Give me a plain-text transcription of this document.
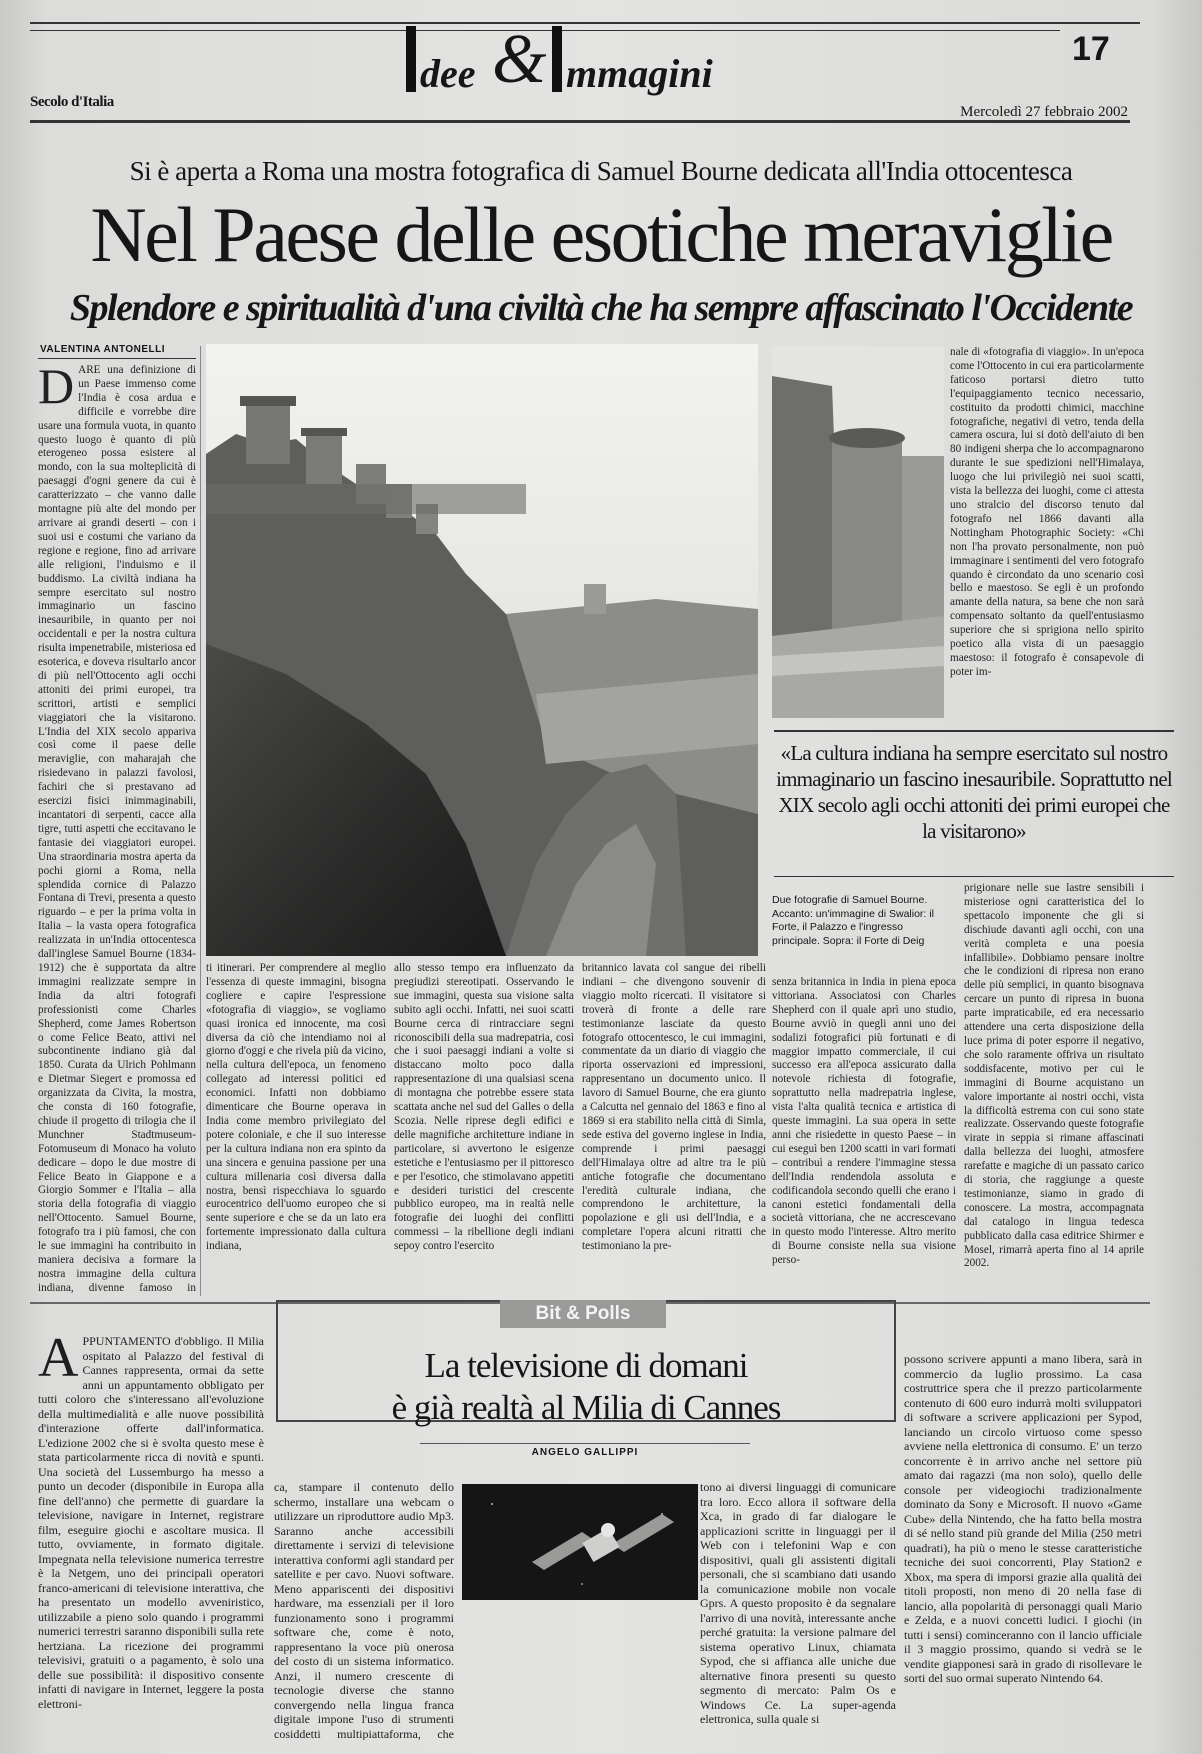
dee & mmagini
17
Secolo d'Italia
Mercoledì 27 febbraio 2002
Si è aperta a Roma una mostra fotografica di Samuel Bourne dedicata all'India ottocentesca
Nel Paese delle esotiche meraviglie
Splendore e spiritualità d'una civiltà che ha sempre affascinato l'Occidente
VALENTINA ANTONELLI
DARE una definizione di un Paese immenso come l'India è cosa ardua e difficile e vorrebbe dire usare una formula vuota, in quanto questo luogo è quanto di più eterogeneo possa esistere al mondo, con la sua molteplicità di paesaggi d'ogni genere da cui è caratterizzato – che vanno dalle montagne più alte del mondo per arrivare ai grandi deserti – con i suoi usi e costumi che variano da regione e regione, fino ad arrivare alle religioni, l'induismo e il buddismo. La civiltà indiana ha sempre esercitato sul nostro immaginario un fascino inesauribile, in quanto per noi occidentali e per la nostra cultura risulta impenetrabile, misteriosa ed esoterica, e doveva risultarlo ancor di più nell'Ottocento agli occhi attoniti dei primi europei, tra scrittori, artisti e semplici viaggiatori che la visitarono. L'India del XIX secolo appariva così come il paese delle meraviglie, con maharajah che risiedevano in palazzi favolosi, fachiri che si prestavano ad esercizi fisici inimmaginabili, incantatori di serpenti, cacce alla tigre, tutti aspetti che eccitavano le fantasie dei viaggiatori europei. Una straordinaria mostra aperta da pochi giorni a Roma, nella splendida cornice di Palazzo Fontana di Trevi, presenta a questo riguardo – e per la prima volta in Italia – la vasta opera fotografica realizzata in un'India ottocentesca dall'inglese Samuel Bourne (1834-1912) che è supportata da altre immagini realizzate sempre in India da altri fotografi professionisti come Charles Shepherd, come James Robertson o come Felice Beato, attivi nel subcontinente indiano già dal 1850. Curata da Ulrich Pohlmann e Dietmar Siegert e promossa ed organizzata da Civita, la mostra, che consta di 160 fotografie, chiude il progetto di trilogia che il Munchner Stadtmuseum-Fotomuseum di Monaco ha voluto dedicare – dopo le due mostre di Felice Beato in Giappone e a Giorgio Sommer e l'Italia – alla storia della fotografia di viaggio nell'Ottocento. Samuel Bourne, fotografo tra i più famosi, che con le sue immagini ha contribuito in maniera decisiva a formare la nostra immagine della cultura indiana, divenne famoso in
nale di «fotografia di viaggio». In un'epoca come l'Ottocento in cui era particolarmente faticoso portarsi dietro tutto l'equipaggiamento tecnico necessario, costituito da prodotti chimici, macchine fotografiche, negativi di vetro, tenda della camera oscura, lui si dotò dell'aiuto di ben 80 indigeni sherpa che lo accompagnarono durante le sue spedizioni nell'Himalaya, luogo che lui privilegiò nei suoi scatti, vista la bellezza dei luoghi, come ci attesta uno stralcio del discorso tenuto dal fotografo nel 1866 davanti alla Nottingham Photographic Society: «Chi non l'ha provato personalmente, non può immaginare i sentimenti del vero fotografo quando è circondato da uno scenario così bello e maestoso. Se egli è un profondo amante della natura, sa bene che non sarà compensato soltanto da quell'entusiasmo superiore che si sprigiona nello spirito poetico alla vista di un paesaggio maestoso: il fotografo è consapevole di poter im-
«La cultura indiana ha sempre esercitato sul nostro immaginario un fascino inesauribile. Soprattutto nel XIX secolo agli occhi attoniti dei primi europei che la visitarono»
Due fotografie di Samuel Bourne. Accanto: un'immagine di Swalior: il Forte, il Palazzo e l'ingresso principale. Sopra: il Forte di Deig
ti itinerari. Per comprendere al meglio l'essenza di queste immagini, bisogna cogliere e capire l'espressione «fotografia di viaggio», se vogliamo quasi ironica ed innocente, ma così diversa da ciò che intendiamo noi al giorno d'oggi e che rivela più da vicino, nella cultura dell'epoca, un fenomeno collegato ad interessi politici ed economici. Infatti non dobbiamo dimenticare che Bourne operava in India come membro privilegiato del potere coloniale, e che il suo interesse per la cultura indiana non era spinto da una sincera e genuina passione per una cultura millenaria così diversa dalla nostra, bensì rispecchiava lo sguardo eurocentrico dell'uomo europeo che si sente superiore e che se da un lato era fortemente impressionato dalla cultura indiana,
allo stesso tempo era influenzato da pregiudizi stereotipati. Osservando le sue immagini, questa sua visione salta subito agli occhi. Infatti, nei suoi scatti Bourne cerca di rintracciare segni riconoscibili della sua madrepatria, così che i suoi paesaggi indiani a volte si distaccano molto poco dalla rappresentazione di una qualsiasi scena di montagna che potrebbe essere stata scattata anche nel sud del Galles o della Scozia. Nelle riprese degli edifici e delle magnifiche architetture indiane in particolare, si avvertono le esigenze estetiche e l'entusiasmo per il pittoresco e per l'esotico, che stimolavano appetiti e desideri turistici del crescente pubblico europeo, ma in realtà nelle fotografie dei luoghi dei conflitti commessi – la ribellione degli indiani sepoy contro l'esercito
britannico lavata col sangue dei ribelli indiani – che divengono souvenir di viaggio molto ricercati. Il visitatore si troverà di fronte a delle rare testimonianze lasciate da questo fotografo ottocentesco, le cui immagini, commentate da un diario di viaggio che riporta osservazioni ed impressioni, rappresentano un documento unico. Il lavoro di Samuel Bourne, che era giunto a Calcutta nel gennaio del 1863 e fino al 1869 si era stabilito nella città di Simla, sede estiva del governo inglese in India, comprende i primi paesaggi dell'Himalaya oltre ad altre tra le più antiche fotografie che documentano l'eredità culturale indiana, che comprendono le architetture, la popolazione e gli usi dell'India, e a completare l'opera alcuni ritratti che testimoniano la pre-
senza britannica in India in piena epoca vittoriana. Associatosi con Charles Shepherd con il quale aprì uno studio, Bourne avviò in quegli anni uno dei sodalizi fotografici più fortunati e di maggior impatto commerciale, il cui successo era all'epoca assicurato dalla notevole richiesta di fotografie, soprattutto nella madrepatria inglese, vista l'alta qualità tecnica e artistica di queste immagini. La sua opera in sette anni che risiedette in questo Paese – in cui eseguì ben 1200 scatti in vari formati – contribuì a rendere l'immagine stessa dell'India rendendola assoluta e codificandola secondo quelli che erano i canoni estetici fondamentali della società vittoriana, che ne accrescevano in questo modo l'interesse. Altro merito di Bourne consiste nella sua visione perso-
prigionare nelle sue lastre sensibili i misteriose ogni caratteristica del lo spettacolo imponente che gli si dischiude davanti agli occhi, con una verità completa e una poesia infallibile». Dobbiamo pensare inoltre che le condizioni di ripresa non erano delle più semplici, in quanto bisognava cercare un punto di ripresa in buona parte impraticabile, ed era necessario attendere una certa disposizione della luce prima di poter esporre il negativo, che solo raramente offriva un risultato soddisfacente, motivo per cui le immagini di Bourne acquistano un valore importante ai nostri occhi, vista la difficoltà estrema con cui sono state realizzate. Osservando queste fotografie virate in seppia si rimane affascinati dalla bellezza dei luoghi, atmosfere rarefatte e magiche di un passato carico di storia, che raggiunge a queste testimonianze, siamo in grado di conoscere. La mostra, accompagnata dal catalogo in lingua tedesca pubblicato dalla casa editrice Shirmer e Mosel, rimarrà aperta fino al 14 aprile 2002.
Bit & Polls
La televisione di domani
è già realtà al Milia di Cannes
ANGELO GALLIPPI
APPUNTAMENTO d'obbligo. Il Milia ospitato al Palazzo del festival di Cannes rappresenta, ormai da sette anni un appuntamento obbligato per tutti coloro che s'interessano all'evoluzione della multimedialità e alle nuove possibilità d'interazione offerte dall'informatica. L'edizione 2002 che si è svolta questo mese è stata particolarmente ricca di novità e spunti. Una società del Lussemburgo ha messo a punto un decoder (disponibile in Europa alla fine dell'anno) che permette di guardare la televisione, navigare in Internet, registrare film, eseguire giochi e ascoltare musica. Il tutto, ovviamente, in formato digitale. Impegnata nella televisione numerica terrestre è la Netgem, uno dei principali operatori franco-americani di televisione interattiva, che ha presentato un modello avveniristico, utilizzabile a pieno solo quando i programmi numerici terrestri saranno disponibili sulla rete hertziana. La ricezione dei programmi televisivi, gratuiti o a pagamento, è solo una delle sue possibilità: il dispositivo consente infatti di navigare in Internet, leggere la posta elettroni-
ca, stampare il contenuto dello schermo, installare una webcam o utilizzare un riproduttore audio Mp3. Saranno anche accessibili direttamente i servizi di televisione interattiva conformi agli standard per satellite e per cavo. Nuovi software. Meno appariscenti dei dispositivi hardware, ma essenziali per il loro funzionamento sono i programmi software che, come è noto, rappresentano la voce più onerosa del costo di un sistema informatico. Anzi, il numero crescente di tecnologie diverse che stanno convergendo nella lingua franca digitale impone l'uso di strumenti cosiddetti multipiattaforma, che
tono ai diversi linguaggi di comunicare tra loro. Ecco allora il software della Xca, in grado di far dialogare le applicazioni scritte in linguaggi per il Web con i telefonini Wap e con dispositivi, quali gli assistenti digitali personali, che si scambiano dati usando la comunicazione mobile non vocale Gprs. A questo proposito è da segnalare l'arrivo di una novità, interessante anche perché gratuita: la versione palmare del sistema operativo Linux, chiamata Sypod, che si affianca alle uniche due alternative finora presenti su questo segmento di mercato: Palm Os e Windows Ce. La super-agenda elettronica, sulla quale si
possono scrivere appunti a mano libera, sarà in commercio da luglio prossimo. La casa costruttrice spera che il prezzo particolarmente contenuto di 600 euro indurrà molti sviluppatori di software a scrivere applicazioni per Sypod, lanciando un circolo virtuoso come spesso avviene nella elettronica di consumo. E' un terzo concorrente è in arrivo anche nel settore più amato dai ragazzi (ma non solo), quello delle console per videogiochi tradizionalmente dominato da Sony e Microsoft. Il nuovo «Game Cube» della Nintendo, che ha fatto bella mostra di sé nello stand più grande del Milia (250 metri quadrati), ha più o meno le stesse caratteristiche tecniche dei suoi concorrenti, Play Station2 e Xbox, ma spera di imporsi grazie alla qualità dei titoli proposti, non meno di 20 nella fase di lancio, alla popolarità di personaggi quali Mario e Zelda, e a nuovi concetti ludici. I giochi (in tutti i sensi) cominceranno con il lancio ufficiale il 3 maggio prossimo, quando si vedrà se le vendite giapponesi sarà in grado di risollevare le sorti del suo ormai superato Nintendo 64.
